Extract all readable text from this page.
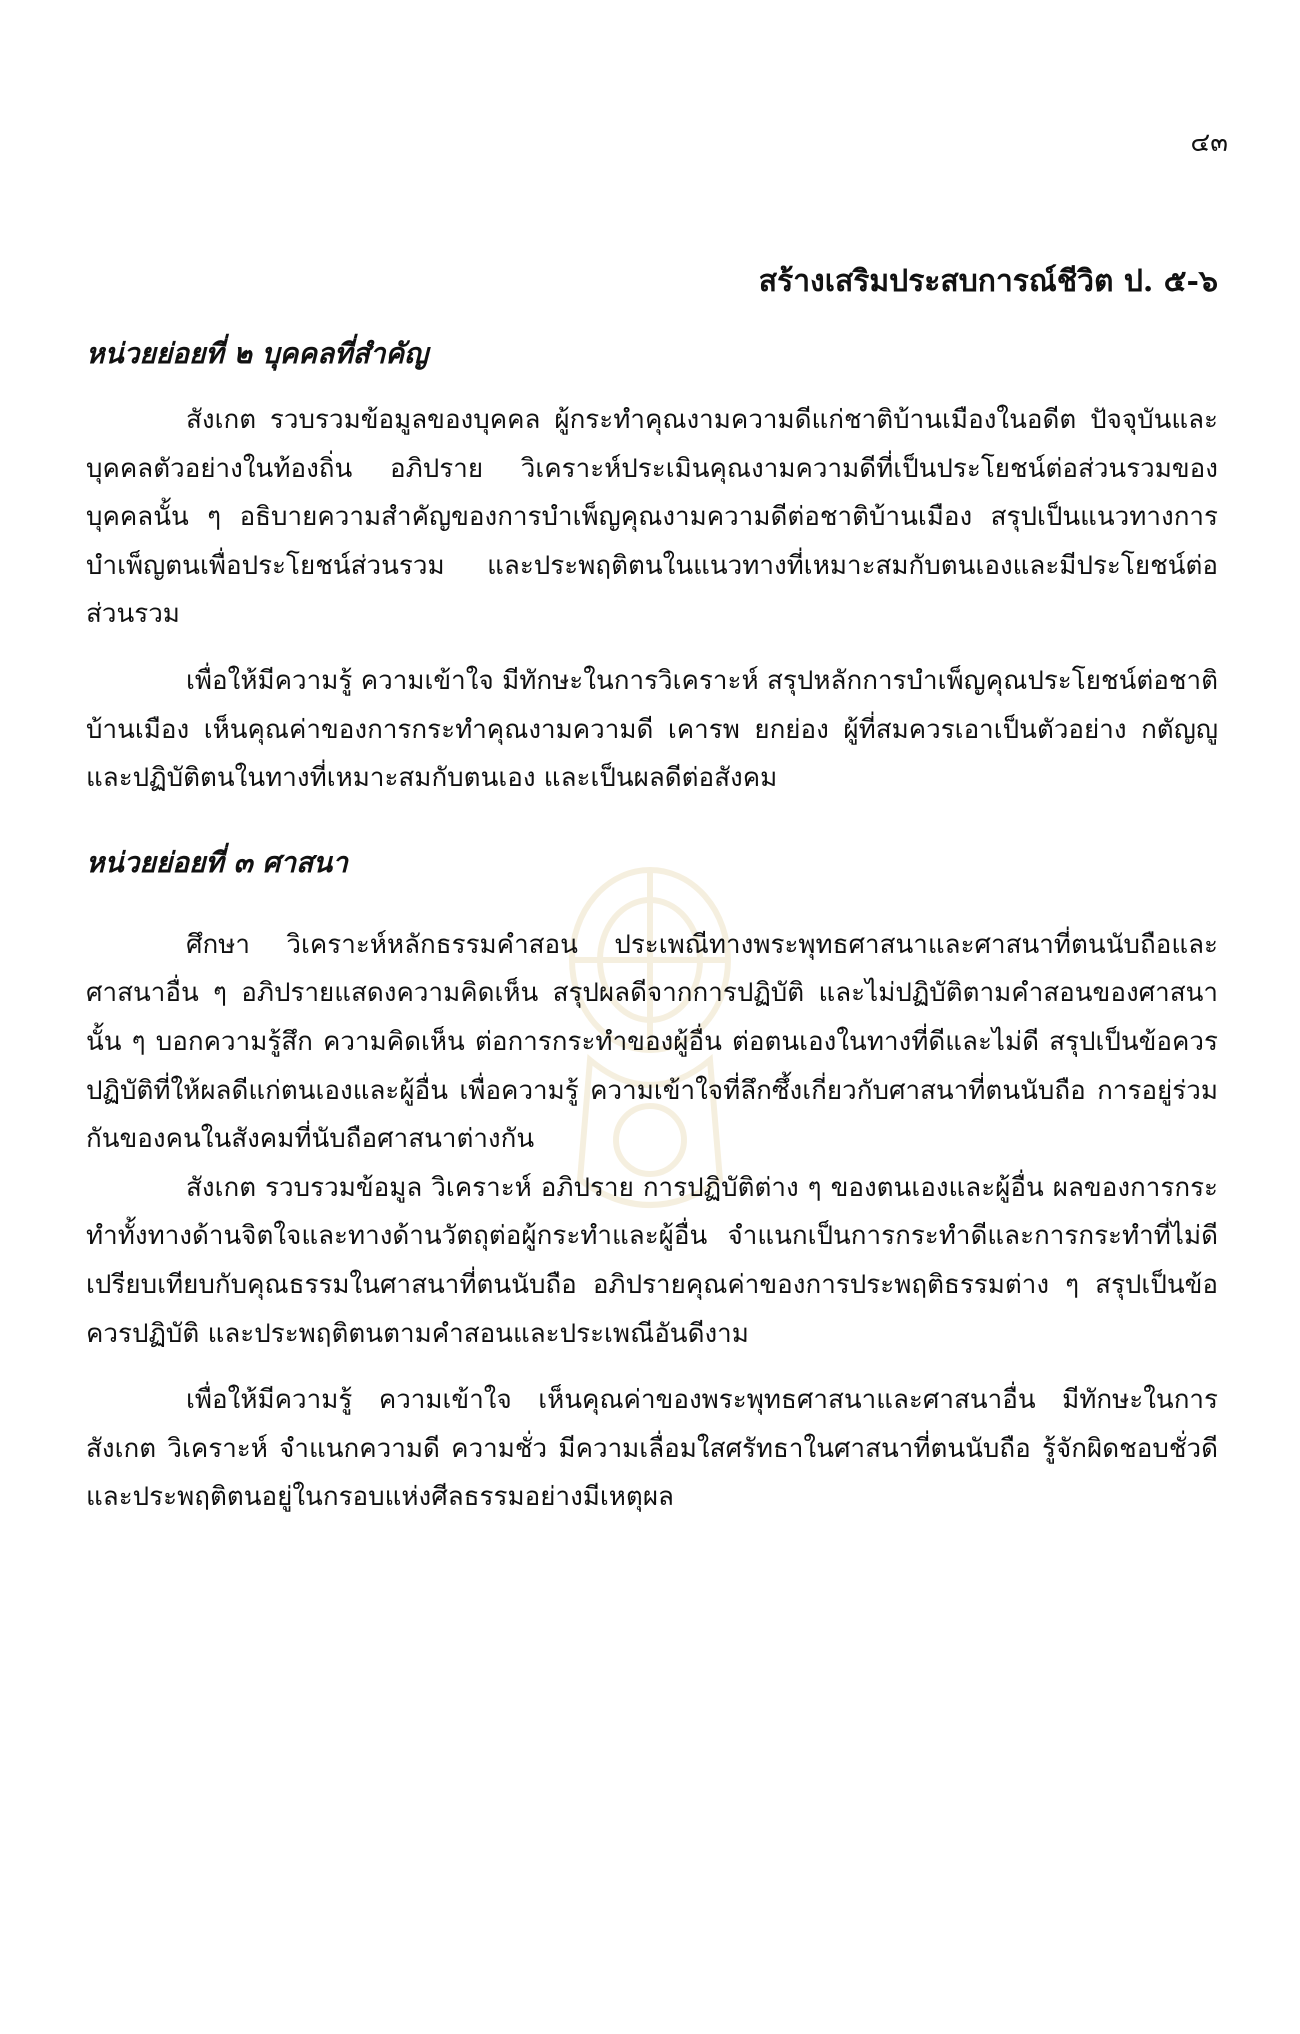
๔๓
สร้างเสริมประสบการณ์ชีวิต ป. ๕-๖
หน่วยย่อยที่ ๒ บุคคลที่สำคัญ

สังเกต รวบรวมข้อมูลของบุคคล ผู้กระทำคุณงามความดีแก่ชาติบ้านเมืองในอดีต ปัจจุบันและบุคคลตัวอย่างในท้องถิ่น อภิปราย วิเคราะห์ประเมินคุณงามความดีที่เป็นประโยชน์ต่อส่วนรวมของบุคคลนั้น ๆ อธิบายความสำคัญของการบำเพ็ญคุณงามความดีต่อชาติบ้านเมือง สรุปเป็นแนวทางการบำเพ็ญตนเพื่อประโยชน์ส่วนรวม และประพฤติตนในแนวทางที่เหมาะสมกับตนเองและมีประโยชน์ต่อส่วนรวม

เพื่อให้มีความรู้ ความเข้าใจ มีทักษะในการวิเคราะห์ สรุปหลักการบำเพ็ญคุณประโยชน์ต่อชาติบ้านเมือง เห็นคุณค่าของการกระทำคุณงามความดี เคารพ ยกย่อง ผู้ที่สมควรเอาเป็นตัวอย่าง กตัญญู และปฏิบัติตนในทางที่เหมาะสมกับตนเอง และเป็นผลดีต่อสังคม

หน่วยย่อยที่ ๓ ศาสนา

ศึกษา วิเคราะห์หลักธรรมคำสอน ประเพณีทางพระพุทธศาสนาและศาสนาที่ตนนับถือและศาสนาอื่น ๆ อภิปรายแสดงความคิดเห็น สรุปผลดีจากการปฏิบัติ และไม่ปฏิบัติตามคำสอนของศาสนานั้น ๆ บอกความรู้สึก ความคิดเห็น ต่อการกระทำของผู้อื่น ต่อตนเองในทางที่ดีและไม่ดี สรุปเป็นข้อควรปฏิบัติที่ให้ผลดีแก่ตนเองและผู้อื่น เพื่อความรู้ ความเข้าใจที่ลึกซึ้งเกี่ยวกับศาสนาที่ตนนับถือ การอยู่ร่วมกันของคนในสังคมที่นับถือศาสนาต่างกัน

สังเกต รวบรวมข้อมูล วิเคราะห์ อภิปราย การปฏิบัติต่าง ๆ ของตนเองและผู้อื่น ผลของการกระทำทั้งทางด้านจิตใจและทางด้านวัตถุต่อผู้กระทำและผู้อื่น จำแนกเป็นการกระทำดีและการกระทำที่ไม่ดี เปรียบเทียบกับคุณธรรมในศาสนาที่ตนนับถือ อภิปรายคุณค่าของการประพฤติธรรมต่าง ๆ สรุปเป็นข้อควรปฏิบัติ และประพฤติตนตามคำสอนและประเพณีอันดีงาม

เพื่อให้มีความรู้ ความเข้าใจ เห็นคุณค่าของพระพุทธศาสนาและศาสนาอื่น มีทักษะในการสังเกต วิเคราะห์ จำแนกความดี ความชั่ว มีความเลื่อมใสศรัทธาในศาสนาที่ตนนับถือ รู้จักผิดชอบชั่วดี และประพฤติตนอยู่ในกรอบแห่งศีลธรรมอย่างมีเหตุผล
